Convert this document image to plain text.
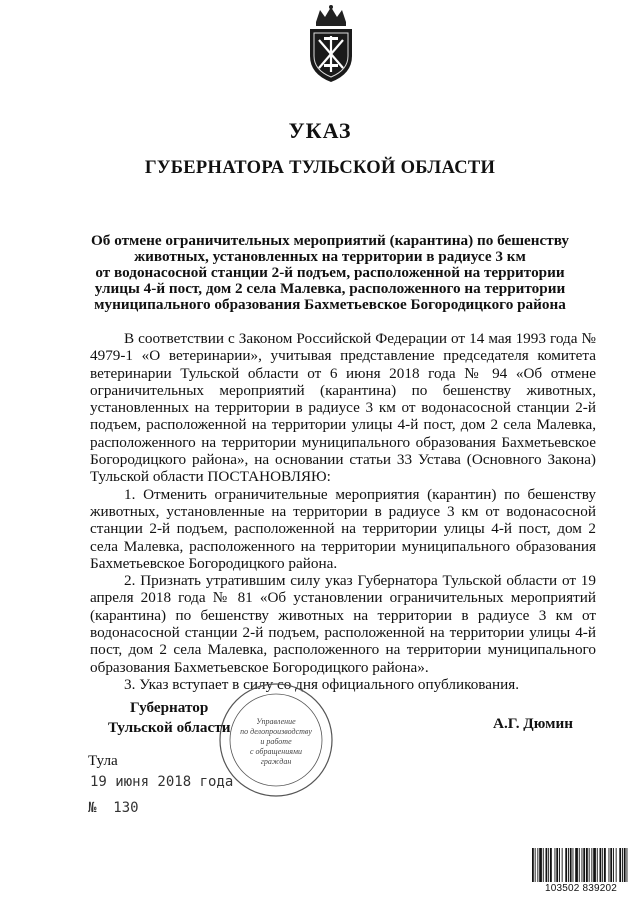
УКАЗ
ГУБЕРНАТОРА ТУЛЬСКОЙ ОБЛАСТИ
Об отмене ограничительных мероприятий (карантина) по бешенству
животных, установленных на территории в радиусе 3 км
от водонасосной станции 2-й подъем, расположенной на территории
улицы 4-й пост, дом 2 села Малевка, расположенного на территории
муниципального образования Бахметьевское Богородицкого района

В соответствии с Законом Российской Федерации от 14 мая 1993 года № 4979-1 «О ветеринарии», учитывая представление председателя комитета ветеринарии Тульской области от 6 июня 2018 года № 94 «Об отмене ограничительных мероприятий (карантина) по бешенству животных, установленных на территории в радиусе 3 км от водонасосной станции 2-й подъем, расположенной на территории улицы 4-й пост, дом 2 села Малевка, расположенного на территории муниципального образования Бахметьевское Богородицкого района», на основании статьи 33 Устава (Основного Закона) Тульской области ПОСТАНОВЛЯЮ:

1. Отменить ограничительные мероприятия (карантин) по бешенству животных, установленные на территории в радиусе 3 км от водонасосной станции 2-й подъем, расположенной на территории улицы 4-й пост, дом 2 села Малевка, расположенного на территории муниципального образования Бахметьевское Богородицкого района.

2. Признать утратившим силу указ Губернатора Тульской области от 19 апреля 2018 года № 81 «Об установлении ограничительных мероприятий (карантина) по бешенству животных на территории в радиусе 3 км от водонасосной станции 2-й подъем, расположенной на территории улицы 4-й пост, дом 2 села Малевка, расположенного на территории муниципального образования Бахметьевское Богородицкого района».

3. Указ вступает в силу со дня официального опубликования.

Управление
по делопроизводству
и работе
с обращениями
граждан
Губернатор
Тульской области	А.Г. Дюмин
Тула
19 июня 2018 года
№ 130
103502 839202
